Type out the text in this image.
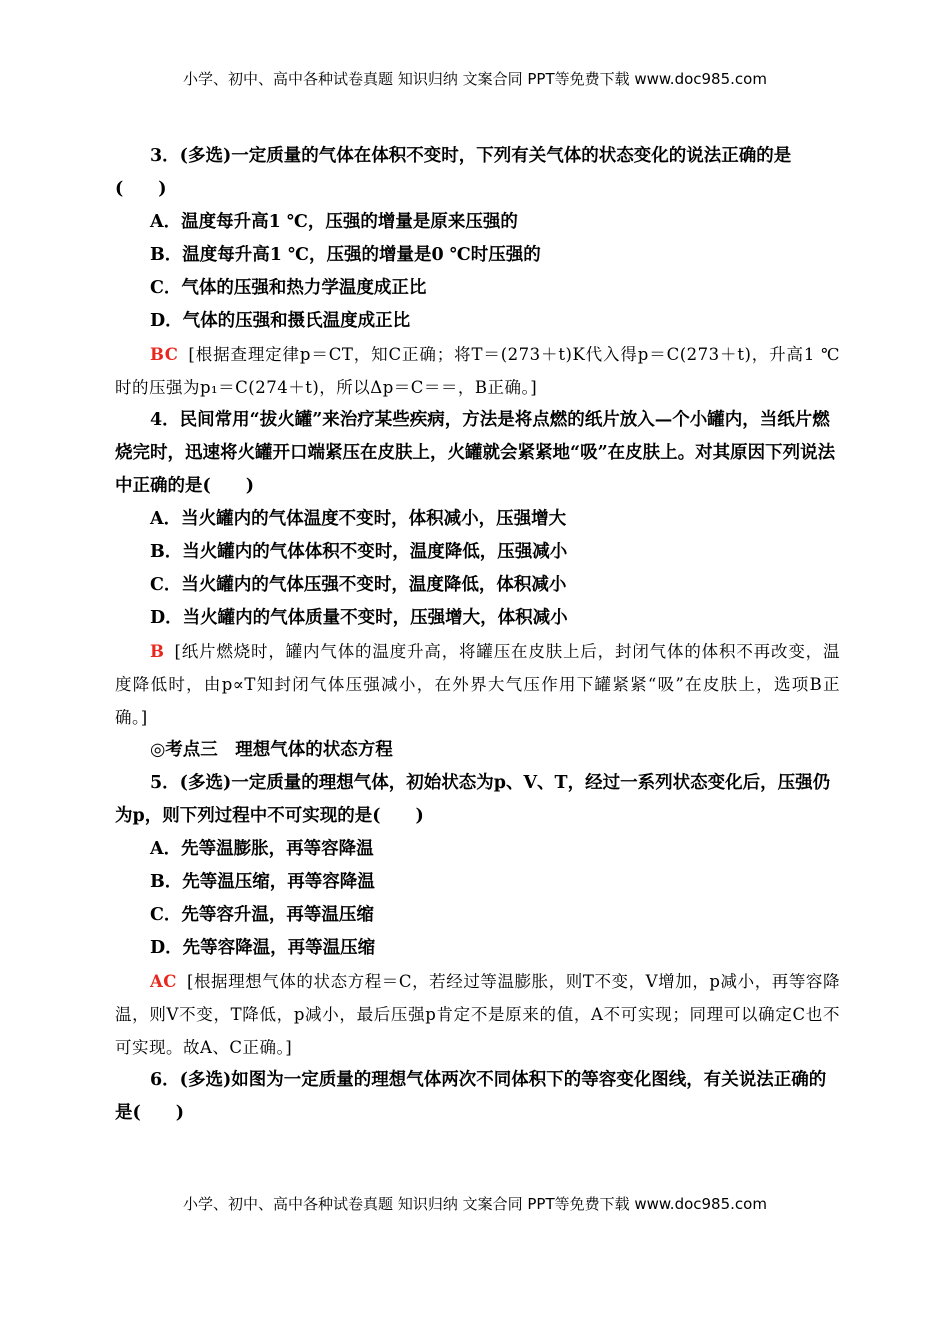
小学、初中、高中各种试卷真题 知识归纳 文案合同 PPT等免费下载 www.doc985.com

3．(多选)一定质量的气体在体积不变时，下列有关气体的状态变化的说法正确的是(　　)

A．温度每升高1 ℃，压强的增量是原来压强的

B．温度每升高1 ℃，压强的增量是0 ℃时压强的

C．气体的压强和热力学温度成正比

D．气体的压强和摄氏温度成正比

BC [根据查理定律p＝CT，知C正确；将T＝(273＋t)K代入得p＝C(273＋t)，升高1 ℃时的压强为p₁＝C(274＋t)，所以Δp＝C＝＝，B正确。]

4．民间常用“拔火罐”来治疗某些疾病，方法是将点燃的纸片放入—个小罐内，当纸片燃烧完时，迅速将火罐开口端紧压在皮肤上，火罐就会紧紧地“吸”在皮肤上。对其原因下列说法中正确的是(　　)

A．当火罐内的气体温度不变时，体积减小，压强增大

B．当火罐内的气体体积不变时，温度降低，压强减小

C．当火罐内的气体压强不变时，温度降低，体积减小

D．当火罐内的气体质量不变时，压强增大，体积减小

B [纸片燃烧时，罐内气体的温度升高，将罐压在皮肤上后，封闭气体的体积不再改变，温度降低时，由p∝T知封闭气体压强减小，在外界大气压作用下罐紧紧“吸”在皮肤上，选项B正确。]

◎考点三　理想气体的状态方程

5．(多选)一定质量的理想气体，初始状态为p、V、T，经过一系列状态变化后，压强仍为p，则下列过程中不可实现的是(　　)

A．先等温膨胀，再等容降温

B．先等温压缩，再等容降温

C．先等容升温，再等温压缩

D．先等容降温，再等温压缩

AC [根据理想气体的状态方程＝C，若经过等温膨胀，则T不变，V增加，p减小，再等容降温，则V不变，T降低，p减小，最后压强p肯定不是原来的值，A不可实现；同理可以确定C也不可实现。故A、C正确。]

6．(多选)如图为一定质量的理想气体两次不同体积下的等容变化图线，有关说法正确的是(　　)

小学、初中、高中各种试卷真题 知识归纳 文案合同 PPT等免费下载 www.doc985.com
